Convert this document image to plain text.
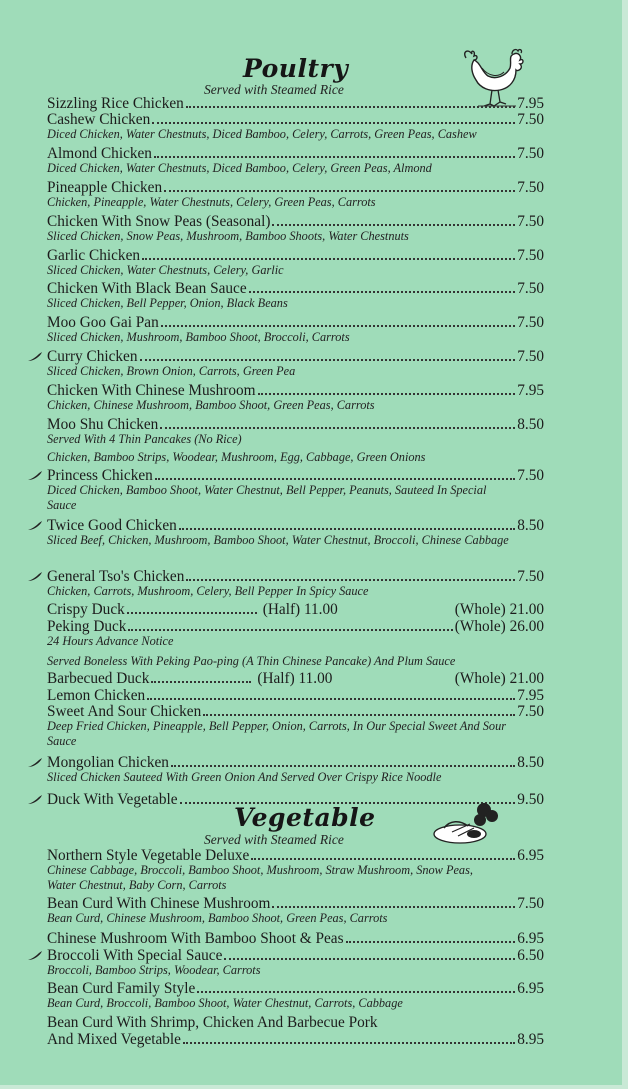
Poultry
Served with Steamed Rice
Sizzling Rice Chicken	7.95
Cashew Chicken	7.50
Diced Chicken, Water Chestnuts, Diced Bamboo, Celery, Carrots, Green Peas, Cashew
Almond Chicken	7.50
Diced Chicken, Water Chestnuts, Diced Bamboo, Celery, Green Peas, Almond
Pineapple Chicken	7.50
Chicken, Pineapple, Water Chestnuts, Celery, Green Peas, Carrots
Chicken With Snow Peas (Seasonal)	7.50
Sliced Chicken, Snow Peas, Mushroom, Bamboo Shoots, Water Chestnuts
Garlic Chicken	7.50
Sliced Chicken, Water Chestnuts, Celery, Garlic
Chicken With Black Bean Sauce	7.50
Sliced Chicken, Bell Pepper, Onion, Black Beans
Moo Goo Gai Pan	7.50
Sliced Chicken, Mushroom, Bamboo Shoot, Broccoli, Carrots
Curry Chicken	7.50
Sliced Chicken, Brown Onion, Carrots, Green Pea
Chicken With Chinese Mushroom	7.95
Chicken, Chinese Mushroom, Bamboo Shoot, Green Peas, Carrots
Moo Shu Chicken	8.50
Served With 4 Thin Pancakes (No Rice)
Chicken, Bamboo Strips, Woodear, Mushroom, Egg, Cabbage, Green Onions
Princess Chicken	7.50
Diced Chicken, Bamboo Shoot, Water Chestnut, Bell Pepper, Peanuts, Sauteed In Special Sauce
Twice Good Chicken	8.50
Sliced Beef, Chicken, Mushroom, Bamboo Shoot, Water Chestnut, Broccoli, Chinese Cabbage
General Tso's Chicken	7.50
Chicken, Carrots, Mushroom, Celery, Bell Pepper In Spicy Sauce
Crispy Duck	(Half) 11.00	(Whole) 21.00
Peking Duck	(Whole) 26.00
24 Hours Advance Notice
Served Boneless With Peking Pao-ping (A Thin Chinese Pancake) And Plum Sauce
Barbecued Duck	(Half) 11.00	(Whole) 21.00
Lemon Chicken	7.95
Sweet And Sour Chicken	7.50
Deep Fried Chicken, Pineapple, Bell Pepper, Onion, Carrots, In Our Special Sweet And Sour Sauce
Mongolian Chicken	8.50
Sliced Chicken Sauteed With Green Onion And Served Over Crispy Rice Noodle
Duck With Vegetable	9.50
Vegetable
Served with Steamed Rice
Northern Style Vegetable Deluxe	6.95
Chinese Cabbage, Broccoli, Bamboo Shoot, Mushroom, Straw Mushroom, Snow Peas, Water Chestnut, Baby Corn, Carrots
Bean Curd With Chinese Mushroom	7.50
Bean Curd, Chinese Mushroom, Bamboo Shoot, Green Peas, Carrots
Chinese Mushroom With Bamboo Shoot & Peas	6.95
Broccoli With Special Sauce	6.50
Broccoli, Bamboo Strips, Woodear, Carrots
Bean Curd Family Style	6.95
Bean Curd, Broccoli, Bamboo Shoot, Water Chestnut, Carrots, Cabbage
Bean Curd With Shrimp, Chicken And Barbecue Pork
And Mixed Vegetable	8.95
